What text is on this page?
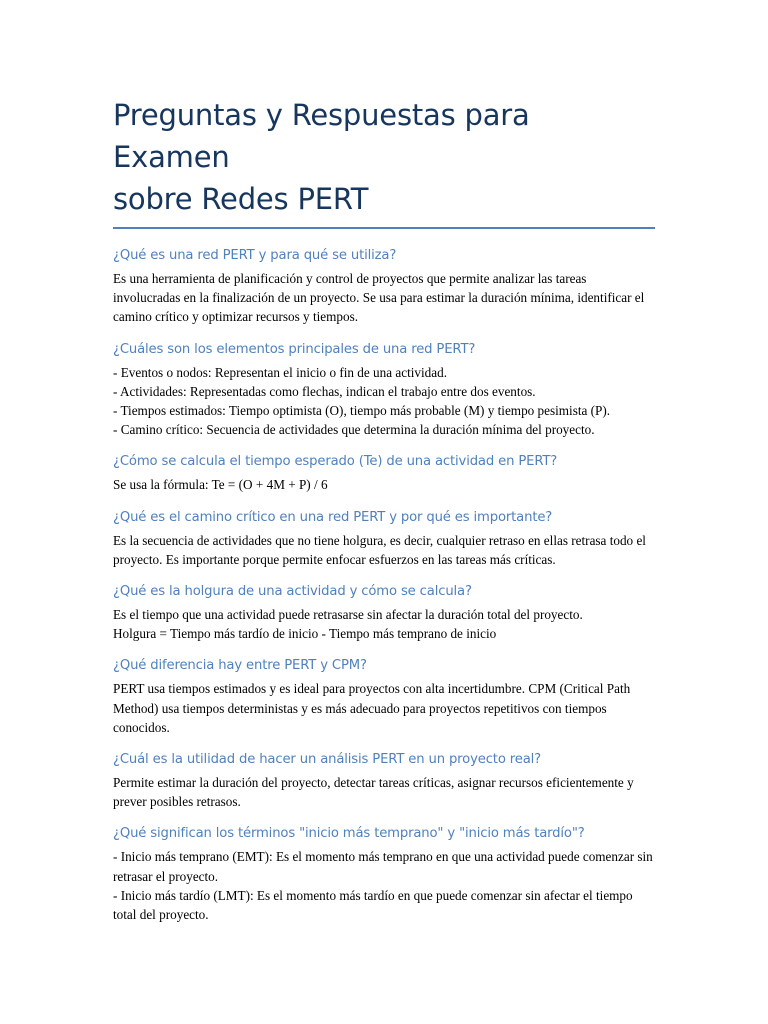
Preguntas y Respuestas para Examen
sobre Redes PERT
¿Qué es una red PERT y para qué se utiliza?

Es una herramienta de planificación y control de proyectos que permite analizar las tareas involucradas en la finalización de un proyecto. Se usa para estimar la duración mínima, identificar el camino crítico y optimizar recursos y tiempos.

¿Cuáles son los elementos principales de una red PERT?

- Eventos o nodos: Representan el inicio o fin de una actividad.
- Actividades: Representadas como flechas, indican el trabajo entre dos eventos.
- Tiempos estimados: Tiempo optimista (O), tiempo más probable (M) y tiempo pesimista (P).
- Camino crítico: Secuencia de actividades que determina la duración mínima del proyecto.

¿Cómo se calcula el tiempo esperado (Te) de una actividad en PERT?

Se usa la fórmula: Te = (O + 4M + P) / 6

¿Qué es el camino crítico en una red PERT y por qué es importante?

Es la secuencia de actividades que no tiene holgura, es decir, cualquier retraso en ellas retrasa todo el proyecto. Es importante porque permite enfocar esfuerzos en las tareas más críticas.

¿Qué es la holgura de una actividad y cómo se calcula?

Es el tiempo que una actividad puede retrasarse sin afectar la duración total del proyecto.
Holgura = Tiempo más tardío de inicio - Tiempo más temprano de inicio

¿Qué diferencia hay entre PERT y CPM?

PERT usa tiempos estimados y es ideal para proyectos con alta incertidumbre. CPM (Critical Path Method) usa tiempos deterministas y es más adecuado para proyectos repetitivos con tiempos conocidos.

¿Cuál es la utilidad de hacer un análisis PERT en un proyecto real?

Permite estimar la duración del proyecto, detectar tareas críticas, asignar recursos eficientemente y prever posibles retrasos.

¿Qué significan los términos "inicio más temprano" y "inicio más tardío"?

- Inicio más temprano (EMT): Es el momento más temprano en que una actividad puede comenzar sin retrasar el proyecto.
- Inicio más tardío (LMT): Es el momento más tardío en que puede comenzar sin afectar el tiempo total del proyecto.
